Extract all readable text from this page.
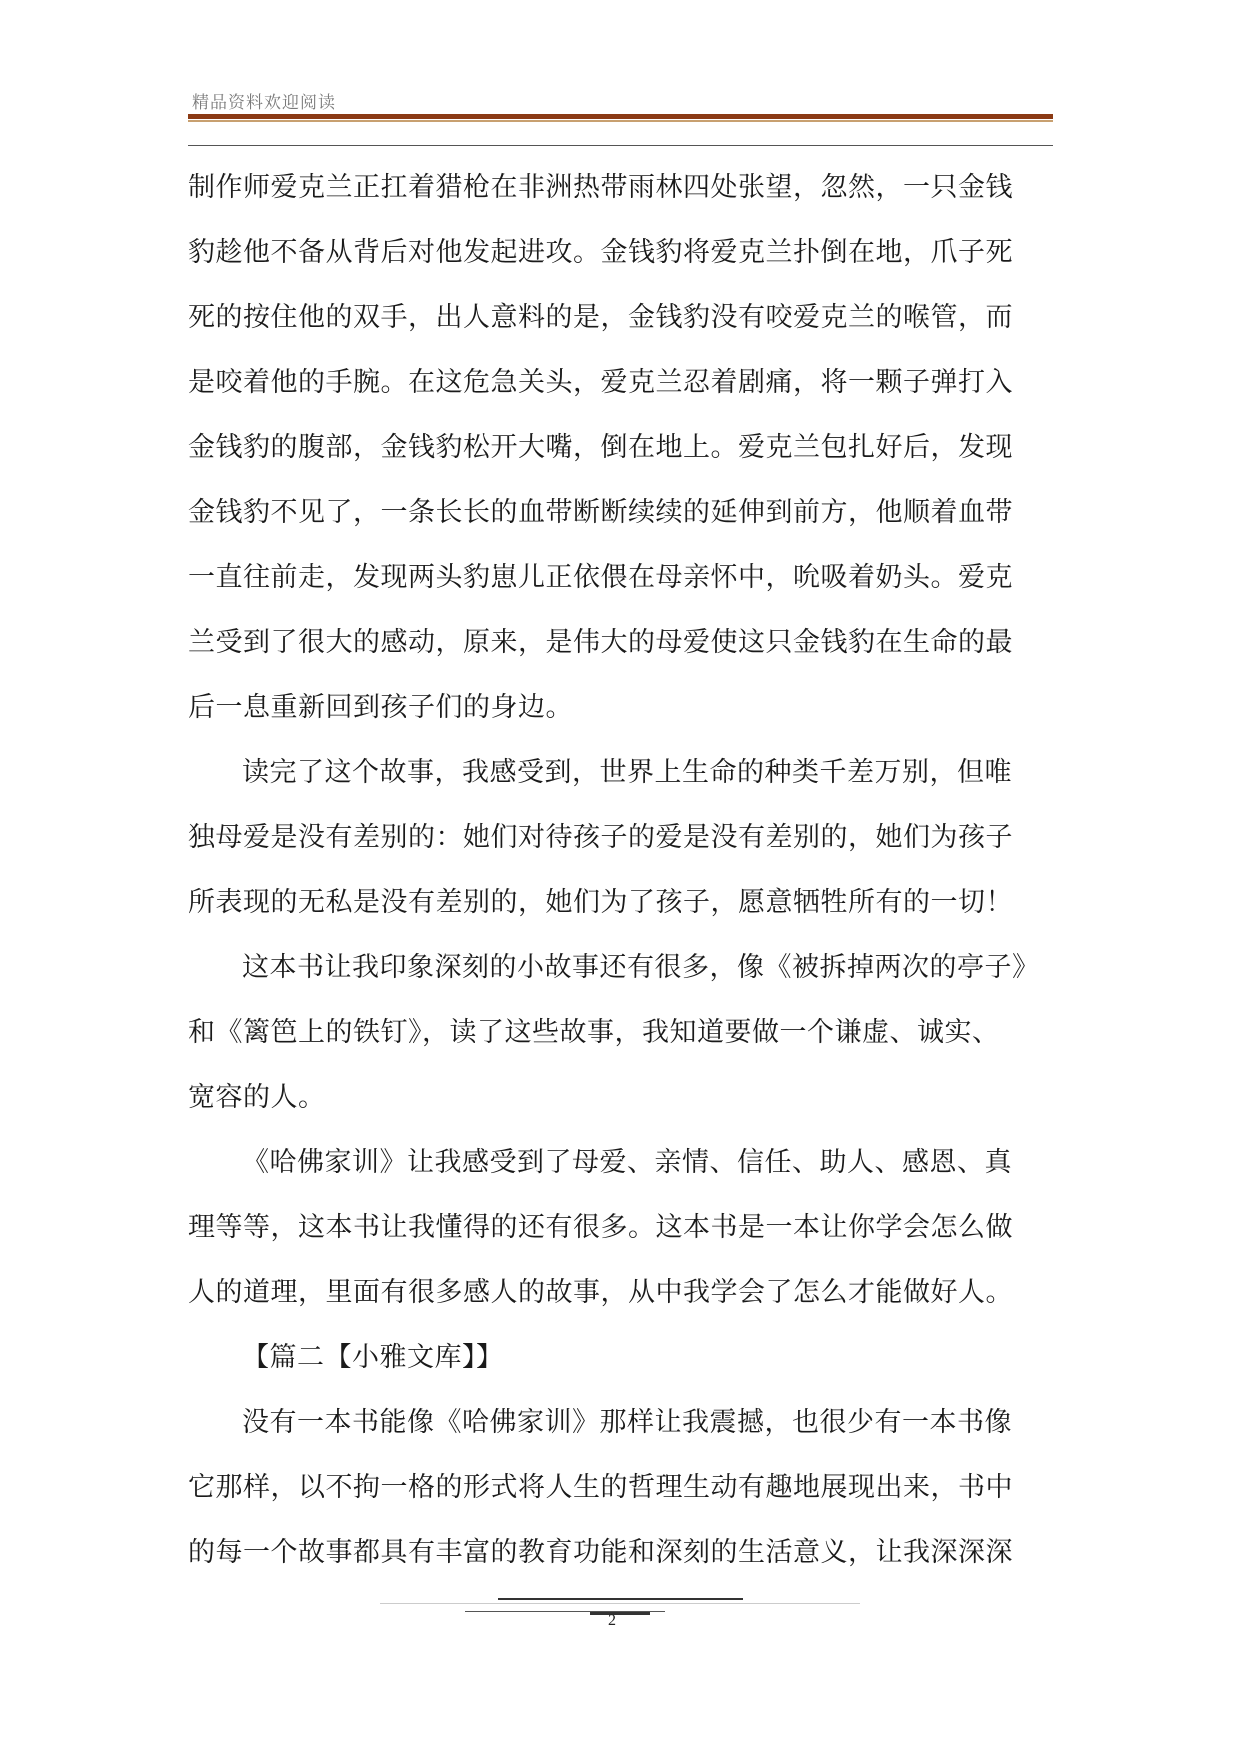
精品资料欢迎阅读
制作师爱克兰正扛着猎枪在非洲热带雨林四处张望，忽然，一只金钱
豹趁他不备从背后对他发起进攻。金钱豹将爱克兰扑倒在地，爪子死
死的按住他的双手，出人意料的是，金钱豹没有咬爱克兰的喉管，而
是咬着他的手腕。在这危急关头，爱克兰忍着剧痛，将一颗子弹打入
金钱豹的腹部，金钱豹松开大嘴，倒在地上。爱克兰包扎好后，发现
金钱豹不见了，一条长长的血带断断续续的延伸到前方，他顺着血带
一直往前走，发现两头豹崽儿正依偎在母亲怀中，吮吸着奶头。爱克
兰受到了很大的感动，原来，是伟大的母爱使这只金钱豹在生命的最
后一息重新回到孩子们的身边。
读完了这个故事，我感受到，世界上生命的种类千差万别，但唯
独母爱是没有差别的：她们对待孩子的爱是没有差别的，她们为孩子
所表现的无私是没有差别的，她们为了孩子，愿意牺牲所有的一切！
这本书让我印象深刻的小故事还有很多，像《被拆掉两次的亭子》
和《篱笆上的铁钉》，读了这些故事，我知道要做一个谦虚、诚实、
宽容的人。
《哈佛家训》让我感受到了母爱、亲情、信任、助人、感恩、真
理等等，这本书让我懂得的还有很多。这本书是一本让你学会怎么做
人的道理，里面有很多感人的故事，从中我学会了怎么才能做好人。
【篇二【小雅文库】】
没有一本书能像《哈佛家训》那样让我震撼，也很少有一本书像
它那样，以不拘一格的形式将人生的哲理生动有趣地展现出来，书中
的每一个故事都具有丰富的教育功能和深刻的生活意义，让我深深深
2
